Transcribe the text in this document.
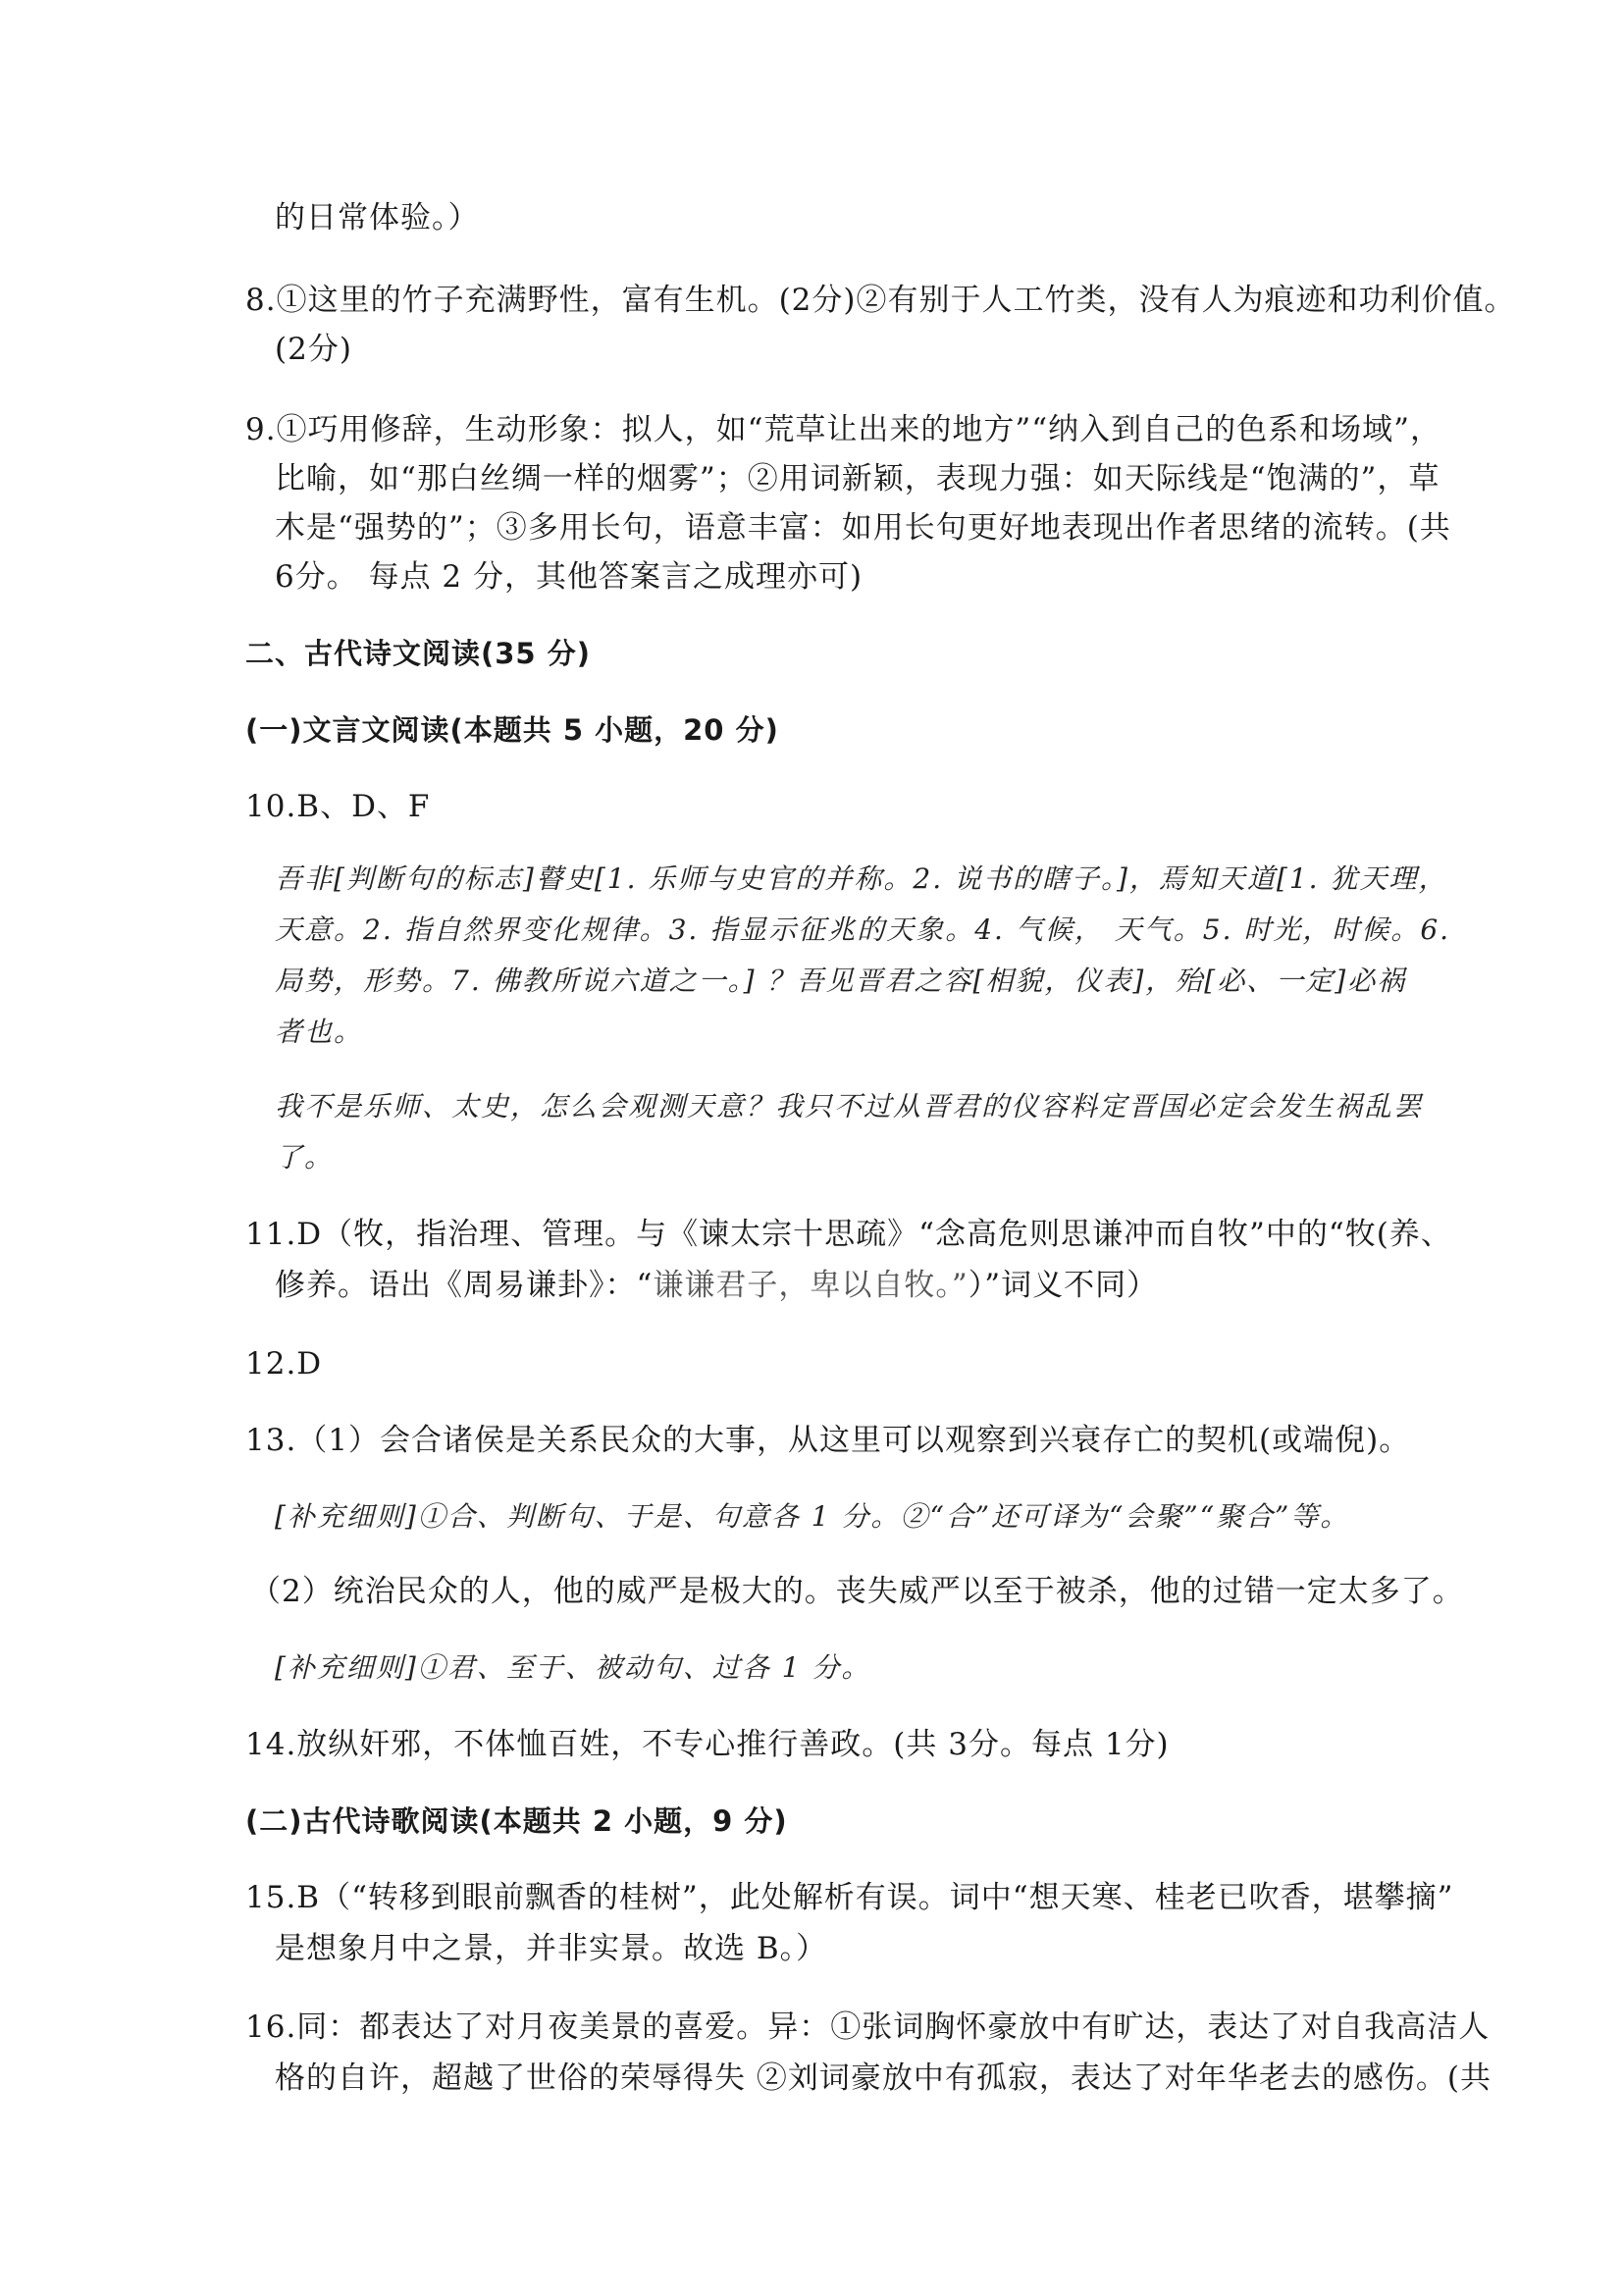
的日常体验。）
8.①这里的竹子充满野性，富有生机。(2分)②有别于人工竹类，没有人为痕迹和功利价值。
(2分)
9.①巧用修辞，生动形象：拟人，如“荒草让出来的地方”“纳入到自己的色系和场域”，
比喻，如“那白丝绸一样的烟雾”；②用词新颖，表现力强：如天际线是“饱满的”，草
木是“强势的”；③多用长句，语意丰富：如用长句更好地表现出作者思绪的流转。(共
6分。 每点 2 分，其他答案言之成理亦可)
二、古代诗文阅读(35 分)
(一)文言文阅读(本题共 5 小题，20 分)
10.B、D、F
吾非[判断句的标志]瞽史[1. 乐师与史官的并称。2. 说书的瞎子。]，焉知天道[1. 犹天理，
天意。2. 指自然界变化规律。3. 指显示征兆的天象。4. 气候， 天气。5. 时光，时候。6.
局势，形势。7. 佛教所说六道之一。] ？吾见晋君之容[相貌，仪表]，殆[必、一定]必祸
者也。
我不是乐师、太史，怎么会观测天意？我只不过从晋君的仪容料定晋国必定会发生祸乱罢
了。
11.D（牧，指治理、管理。与《谏太宗十思疏》“念高危则思谦冲而自牧”中的“牧(养、
修养。语出《周易谦卦》：“谦谦君子，卑以自牧。”）”词义不同）
12.D
13.（1）会合诸侯是关系民众的大事，从这里可以观察到兴衰存亡的契机(或端倪)。
[补充细则]①合、判断句、于是、句意各 1 分。②“合”还可译为“会聚”“聚合”等。
（2）统治民众的人，他的威严是极大的。丧失威严以至于被杀，他的过错一定太多了。
[补充细则]①君、至于、被动句、过各 1 分。
14.放纵奸邪，不体恤百姓，不专心推行善政。(共 3分。每点 1分)
(二)古代诗歌阅读(本题共 2 小题，9 分)
15.B（“转移到眼前飘香的桂树”，此处解析有误。词中“想天寒、桂老已吹香，堪攀摘”
是想象月中之景，并非实景。故选 B。）
16.同：都表达了对月夜美景的喜爱。异：①张词胸怀豪放中有旷达，表达了对自我高洁人
格的自许，超越了世俗的荣辱得失 ②刘词豪放中有孤寂，表达了对年华老去的感伤。(共
